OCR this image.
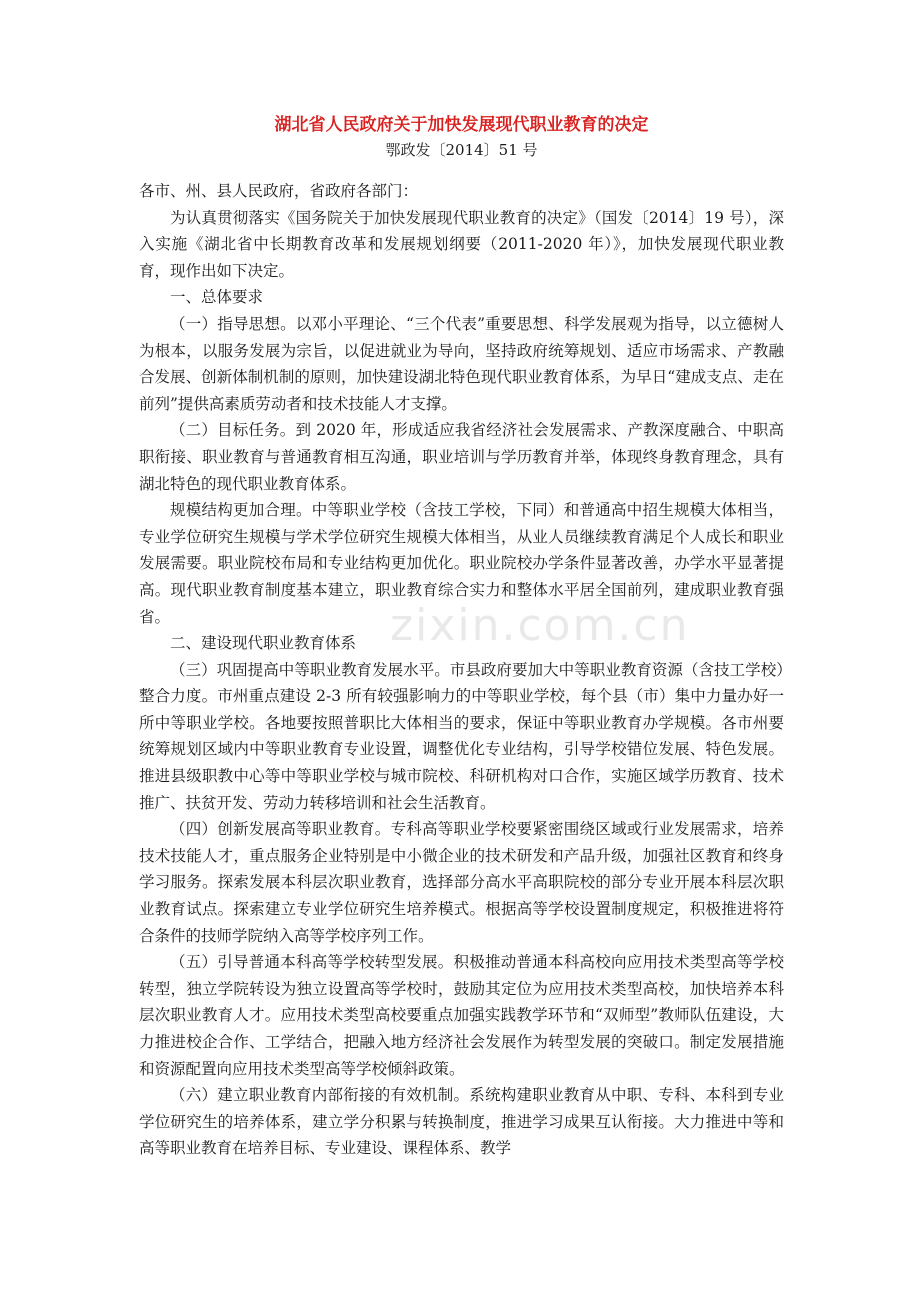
zixin.com.cn
湖北省人民政府关于加快发展现代职业教育的决定
鄂政发〔2014〕51 号

各市、州、县人民政府，省政府各部门：

为认真贯彻落实《国务院关于加快发展现代职业教育的决定》（国发〔2014〕19 号），深入实施《湖北省中长期教育改革和发展规划纲要（2011-2020 年）》，加快发展现代职业教育，现作出如下决定。

一、总体要求

（一）指导思想。以邓小平理论、“三个代表”重要思想、科学发展观为指导，以立德树人为根本，以服务发展为宗旨，以促进就业为导向，坚持政府统筹规划、适应市场需求、产教融合发展、创新体制机制的原则，加快建设湖北特色现代职业教育体系，为早日“建成支点、走在前列”提供高素质劳动者和技术技能人才支撑。

（二）目标任务。到 2020 年，形成适应我省经济社会发展需求、产教深度融合、中职高职衔接、职业教育与普通教育相互沟通，职业培训与学历教育并举，体现终身教育理念，具有湖北特色的现代职业教育体系。

规模结构更加合理。中等职业学校（含技工学校，下同）和普通高中招生规模大体相当，专业学位研究生规模与学术学位研究生规模大体相当，从业人员继续教育满足个人成长和职业发展需要。职业院校布局和专业结构更加优化。职业院校办学条件显著改善，办学水平显著提高。现代职业教育制度基本建立，职业教育综合实力和整体水平居全国前列，建成职业教育强省。

二、建设现代职业教育体系

（三）巩固提高中等职业教育发展水平。市县政府要加大中等职业教育资源（含技工学校）整合力度。市州重点建设 2-3 所有较强影响力的中等职业学校，每个县（市）集中力量办好一所中等职业学校。各地要按照普职比大体相当的要求，保证中等职业教育办学规模。各市州要统筹规划区域内中等职业教育专业设置，调整优化专业结构，引导学校错位发展、特色发展。推进县级职教中心等中等职业学校与城市院校、科研机构对口合作，实施区域学历教育、技术推广、扶贫开发、劳动力转移培训和社会生活教育。

（四）创新发展高等职业教育。专科高等职业学校要紧密围绕区域或行业发展需求，培养技术技能人才，重点服务企业特别是中小微企业的技术研发和产品升级，加强社区教育和终身学习服务。探索发展本科层次职业教育，选择部分高水平高职院校的部分专业开展本科层次职业教育试点。探索建立专业学位研究生培养模式。根据高等学校设置制度规定，积极推进将符合条件的技师学院纳入高等学校序列工作。

（五）引导普通本科高等学校转型发展。积极推动普通本科高校向应用技术类型高等学校转型，独立学院转设为独立设置高等学校时，鼓励其定位为应用技术类型高校，加快培养本科层次职业教育人才。应用技术类型高校要重点加强实践教学环节和“双师型”教师队伍建设，大力推进校企合作、工学结合，把融入地方经济社会发展作为转型发展的突破口。制定发展措施和资源配置向应用技术类型高等学校倾斜政策。

（六）建立职业教育内部衔接的有效机制。系统构建职业教育从中职、专科、本科到专业学位研究生的培养体系，建立学分积累与转换制度，推进学习成果互认衔接。大力推进中等和高等职业教育在培养目标、专业建设、课程体系、教学
